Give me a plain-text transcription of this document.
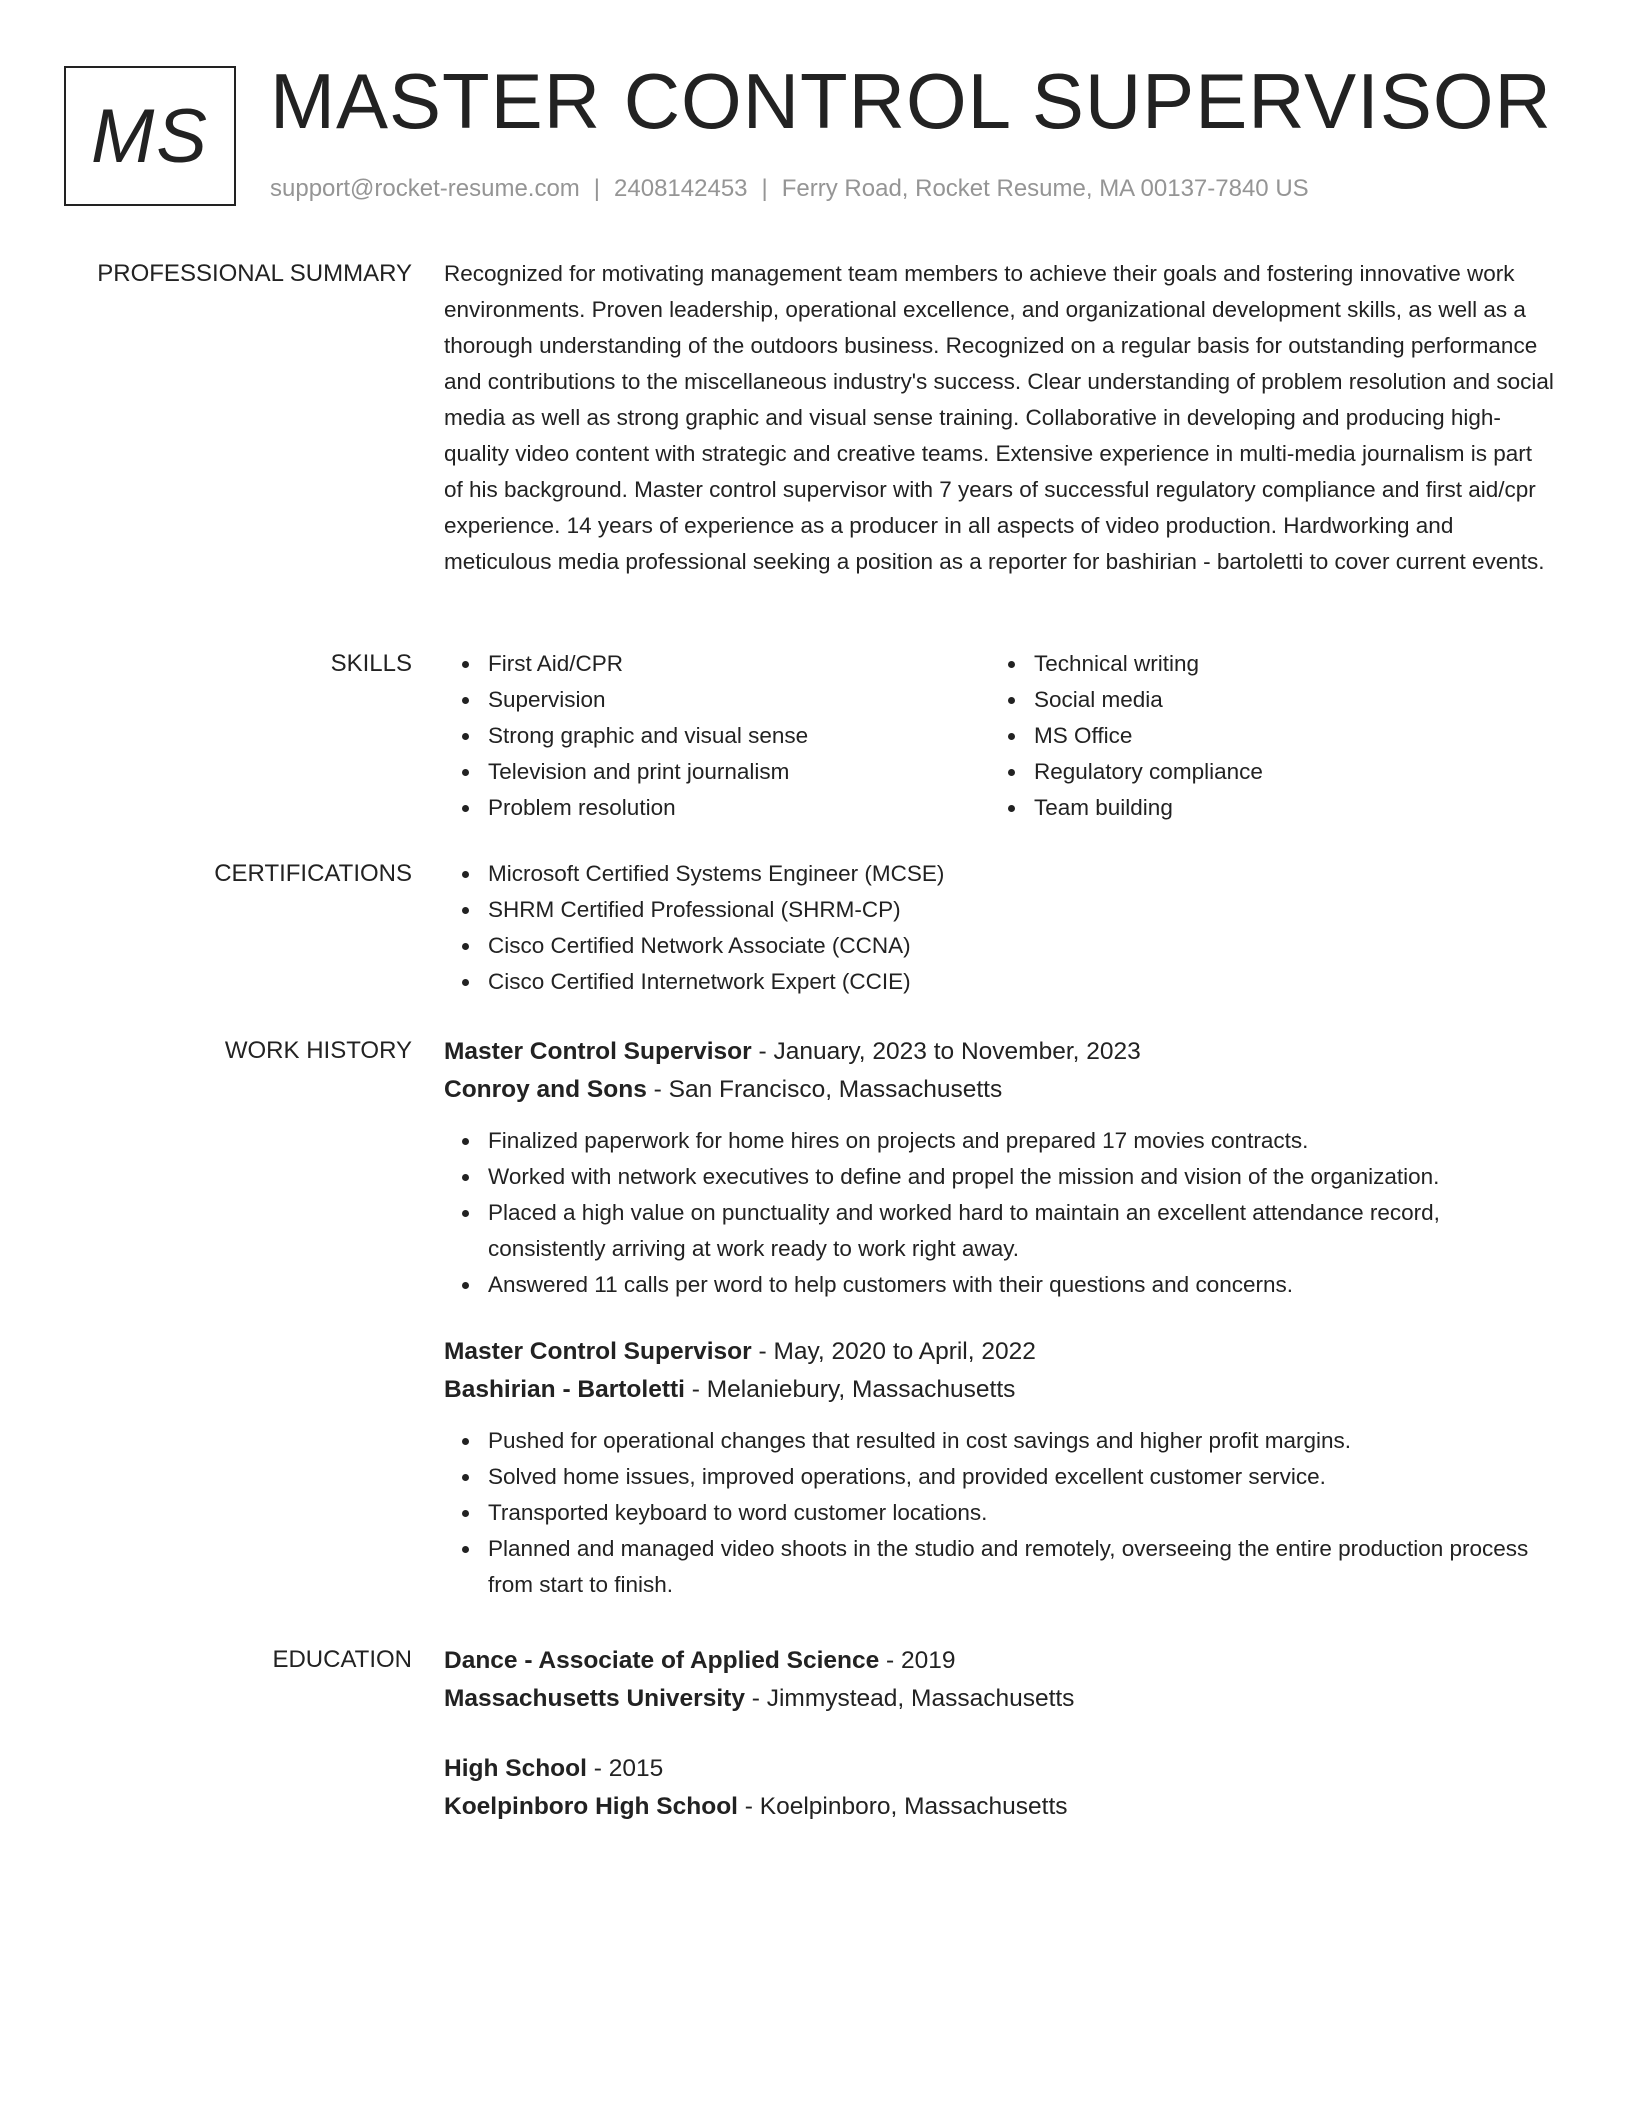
MS MASTER CONTROL SUPERVISOR
support@rocket-resume.com | 2408142453 | Ferry Road, Rocket Resume, MA 00137-7840 US
PROFESSIONAL SUMMARY Recognized for motivating management team members to achieve their goals and fostering innovative work environments. Proven leadership, operational excellence, and organizational development skills, as well as a thorough understanding of the outdoors business. Recognized on a regular basis for outstanding performance and contributions to the miscellaneous industry's success. Clear understanding of problem resolution and social media as well as strong graphic and visual sense training. Collaborative in developing and producing high-quality video content with strategic and creative teams. Extensive experience in multi-media journalism is part of his background. Master control supervisor with 7 years of successful regulatory compliance and first aid/cpr experience. 14 years of experience as a producer in all aspects of video production. Hardworking and meticulous media professional seeking a position as a reporter for bashirian - bartoletti to cover current events.
SKILLS	First Aid/CPR
Supervision
Strong graphic and visual sense
Television and print journalism
Problem resolution
Technical writing
Social media
MS Office
Regulatory compliance
Team building
CERTIFICATIONS	Microsoft Certified Systems Engineer (MCSE)
SHRM Certified Professional (SHRM-CP)
Cisco Certified Network Associate (CCNA)
Cisco Certified Internetwork Expert (CCIE)
WORK HISTORY Master Control Supervisor - January, 2023 to November, 2023
Conroy and Sons - San Francisco, Massachusetts
Finalized paperwork for home hires on projects and prepared 17 movies contracts.
Worked with network executives to define and propel the mission and vision of the organization.
Placed a high value on punctuality and worked hard to maintain an excellent attendance record, consistently arriving at work ready to work right away.
Answered 11 calls per word to help customers with their questions and concerns.
Master Control Supervisor - May, 2020 to April, 2022
Bashirian - Bartoletti - Melaniebury, Massachusetts
Pushed for operational changes that resulted in cost savings and higher profit margins.
Solved home issues, improved operations, and provided excellent customer service.
Transported keyboard to word customer locations.
Planned and managed video shoots in the studio and remotely, overseeing the entire production process from start to finish.
EDUCATION Dance - Associate of Applied Science - 2019
Massachusetts University - Jimmystead, Massachusetts
High School - 2015
Koelpinboro High School - Koelpinboro, Massachusetts
